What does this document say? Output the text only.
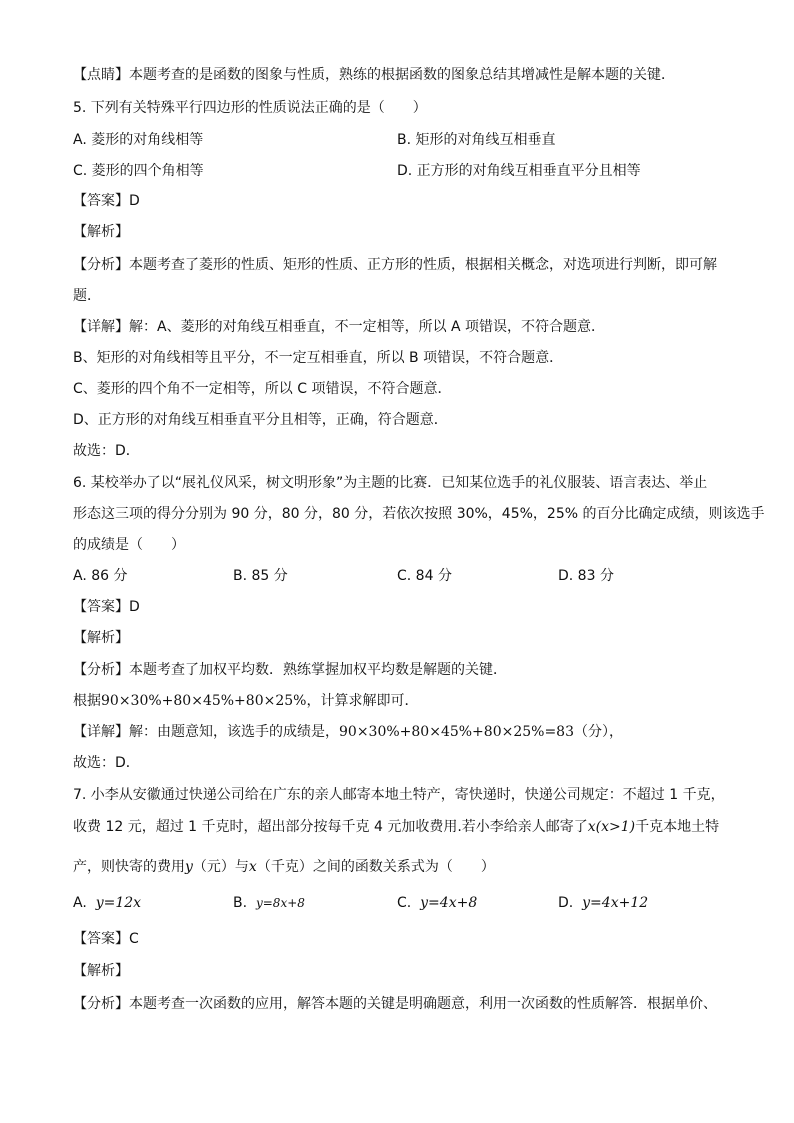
【点睛】本题考查的是函数的图象与性质，熟练的根据函数的图象总结其增减性是解本题的关键．
5. 下列有关特殊平行四边形的性质说法正确的是（　　）
A. 菱形的对角线相等	B. 矩形的对角线互相垂直
C. 菱形的四个角相等	D. 正方形的对角线互相垂直平分且相等
【答案】D
【解析】
【分析】本题考查了菱形的性质、矩形的性质、正方形的性质，根据相关概念，对选项进行判断，即可解
题．
【详解】解：A、菱形的对角线互相垂直，不一定相等，所以 A 项错误，不符合题意．
B、矩形的对角线相等且平分，不一定互相垂直，所以 B 项错误，不符合题意．
C、菱形的四个角不一定相等，所以 C 项错误，不符合题意．
D、正方形的对角线互相垂直平分且相等，正确，符合题意．
故选：D．
6. 某校举办了以“展礼仪风采，树文明形象”为主题的比赛．已知某位选手的礼仪服装、语言表达、举止
形态这三项的得分分别为 90 分，80 分，80 分，若依次按照 30%，45%，25% 的百分比确定成绩，则该选手
的成绩是（　　）
A. 86 分	B. 85 分	C. 84 分	D. 83 分
【答案】D
【解析】
【分析】本题考查了加权平均数．熟练掌握加权平均数是解题的关键．
根据90×30%+80×45%+80×25%，计算求解即可．
【详解】解：由题意知，该选手的成绩是，90×30%+80×45%+80×25%=83（分），
故选：D．
7. 小李从安徽通过快递公司给在广东的亲人邮寄本地土特产，寄快递时，快递公司规定：不超过 1 千克，
收费 12 元，超过 1 千克时，超出部分按每千克 4 元加收费用.若小李给亲人邮寄了x(x>1)千克本地土特
产，则快寄的费用y（元）与x（千克）之间的函数关系式为（　　）
A. y=12x	B. y=8x+8	C. y=4x+8	D. y=4x+12
【答案】C
【解析】
【分析】本题考查一次函数的应用，解答本题的关键是明确题意，利用一次函数的性质解答．根据单价、
